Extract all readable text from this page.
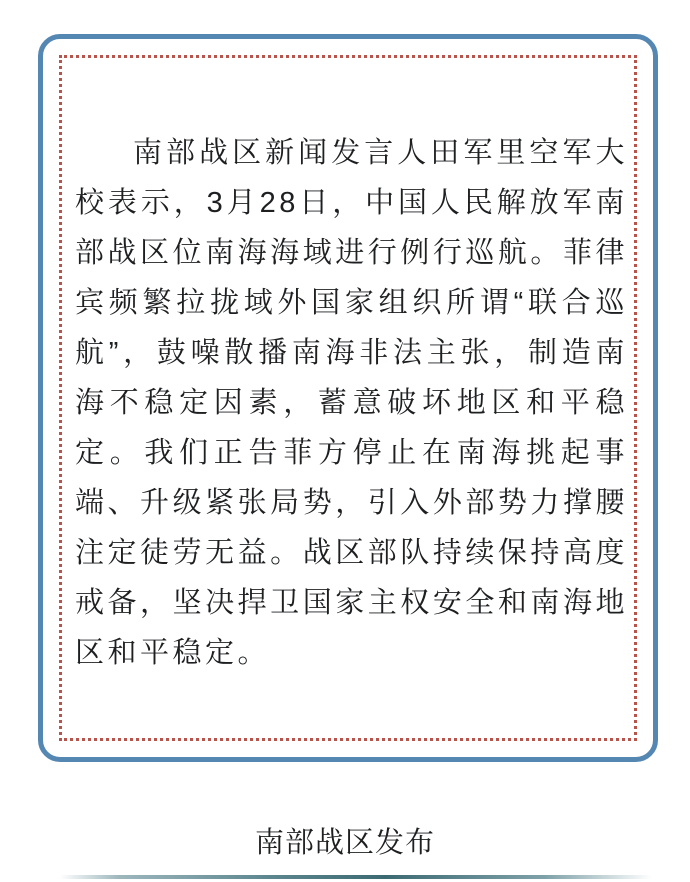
南部战区新闻发言人田军里空军大校表示，3月28日，中国人民解放军南部战区位南海海域进行例行巡航。菲律宾频繁拉拢域外国家组织所谓“联合巡航”，鼓噪散播南海非法主张，制造南海不稳定因素，蓄意破坏地区和平稳定。我们正告菲方停止在南海挑起事端、升级紧张局势，引入外部势力撑腰注定徒劳无益。战区部队持续保持高度戒备，坚决捍卫国家主权安全和南海地区和平稳定。

南部战区发布
